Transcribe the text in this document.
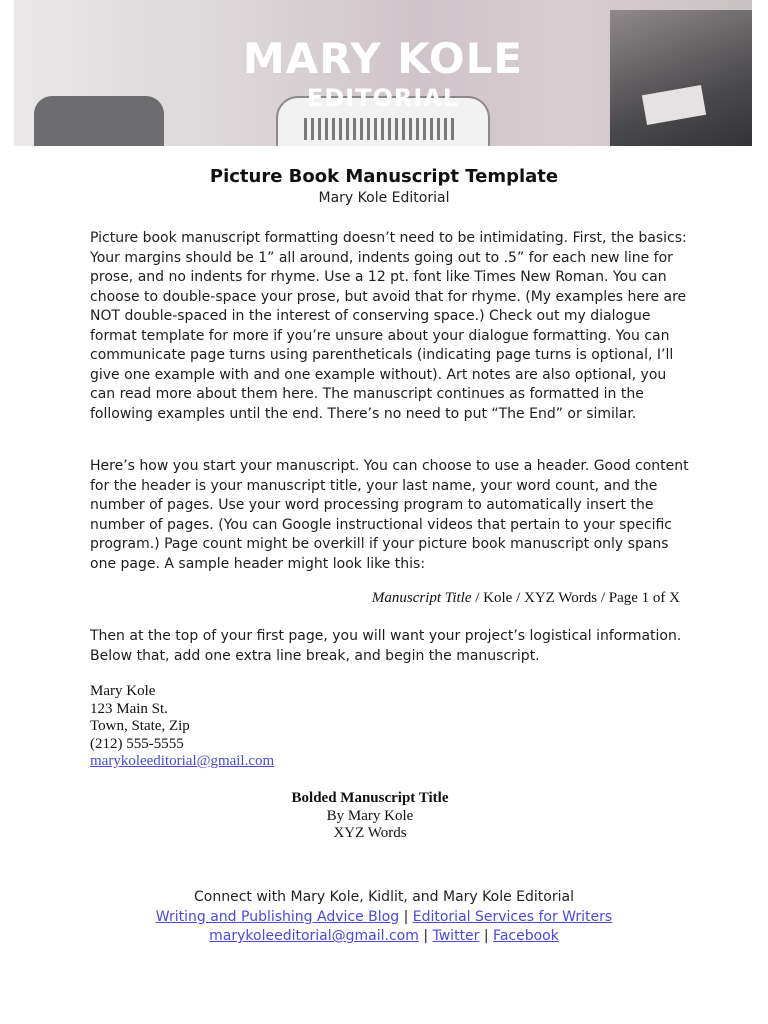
MARY KOLE
EDITORIAL
Picture Book Manuscript Template
Mary Kole Editorial
Picture book manuscript formatting doesn’t need to be intimidating. First, the basics: Your margins should be 1” all around, indents going out to .5” for each new line for prose, and no indents for rhyme. Use a 12 pt. font like Times New Roman. You can choose to double-space your prose, but avoid that for rhyme. (My examples here are NOT double-spaced in the interest of conserving space.) Check out my dialogue format template for more if you’re unsure about your dialogue formatting. You can communicate page turns using parentheticals (indicating page turns is optional, I’ll give one example with and one example without). Art notes are also optional, you can read more about them here. The manuscript continues as formatted in the following examples until the end. There’s no need to put “The End” or similar.
Here’s how you start your manuscript. You can choose to use a header. Good content for the header is your manuscript title, your last name, your word count, and the number of pages. Use your word processing program to automatically insert the number of pages. (You can Google instructional videos that pertain to your specific program.) Page count might be overkill if your picture book manuscript only spans one page. A sample header might look like this:
Manuscript Title / Kole / XYZ Words / Page 1 of X
Then at the top of your first page, you will want your project’s logistical information. Below that, add one extra line break, and begin the manuscript.
Mary Kole
123 Main St.
Town, State, Zip
(212) 555-5555
marykoleeditorial@gmail.com
Bolded Manuscript Title
By Mary Kole
XYZ Words
Connect with Mary Kole, Kidlit, and Mary Kole Editorial
Writing and Publishing Advice Blog | Editorial Services for Writers
marykoleeditorial@gmail.com | Twitter | Facebook
